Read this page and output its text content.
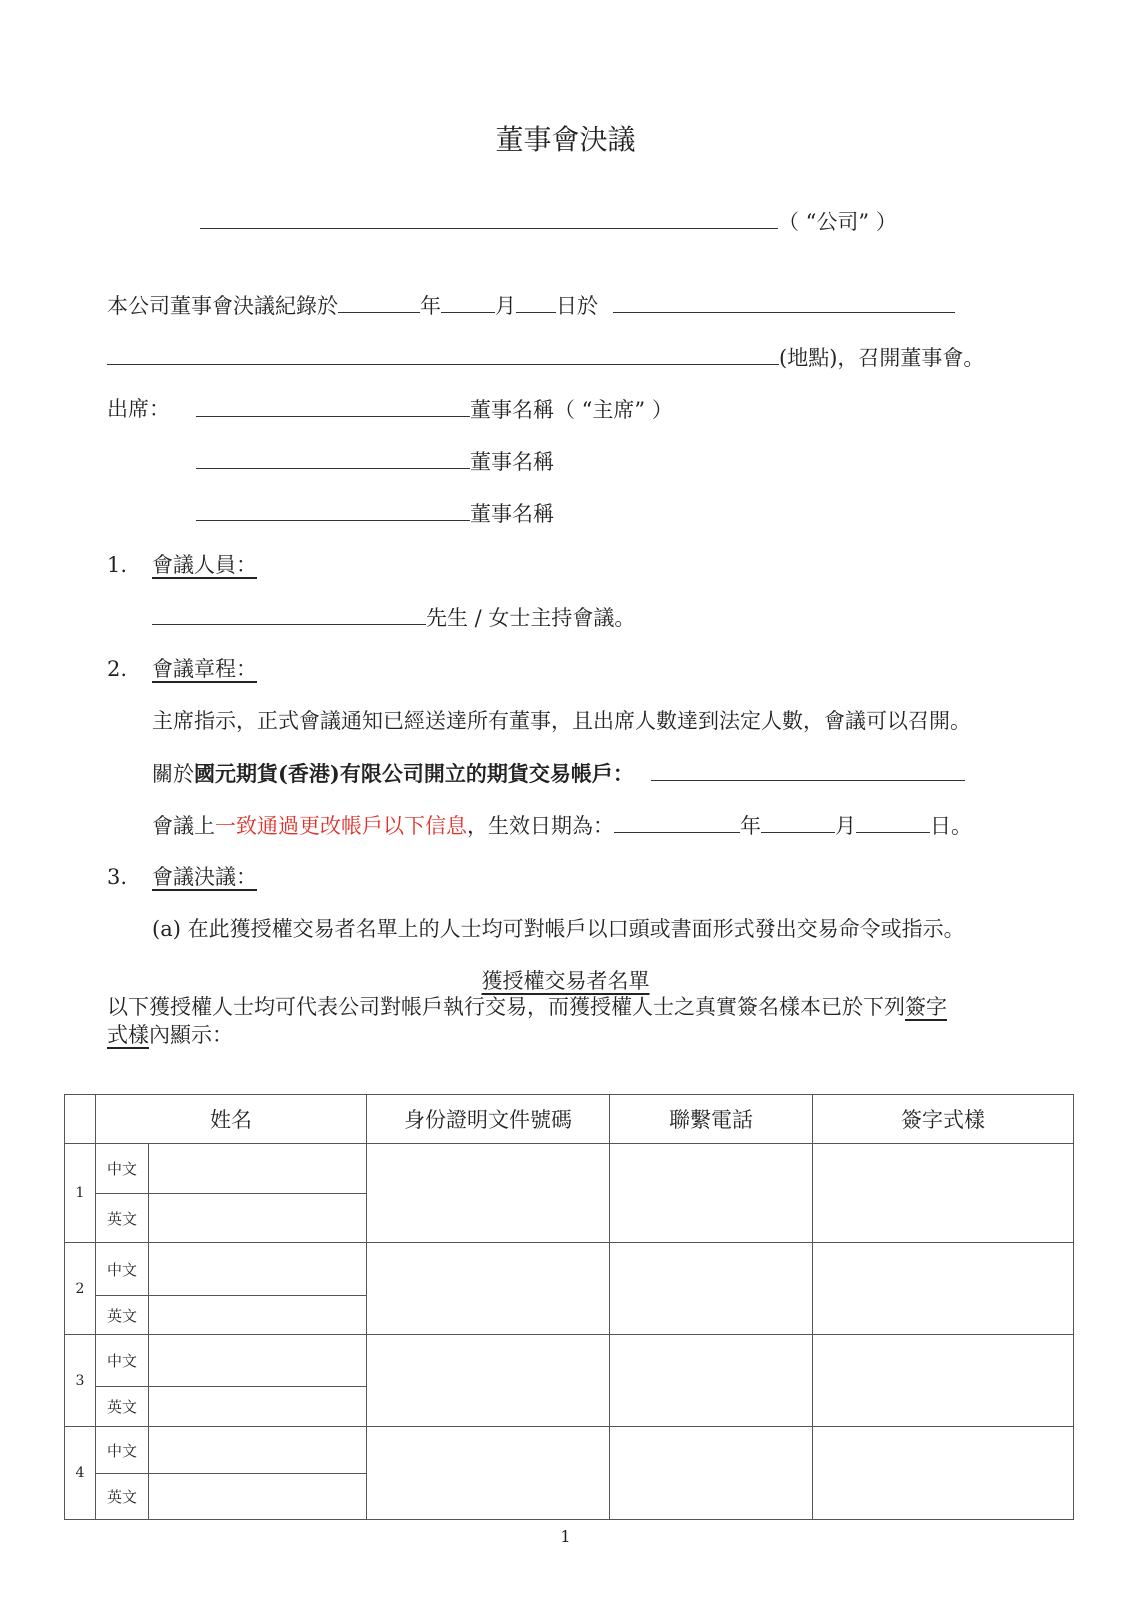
董事會決議
（ “公司” ）
本公司董事會決議紀錄於	年	月 日於
(地點)，召開董事會。
出席：	董事名稱（ “主席” ）
董事名稱
董事名稱
1. 會議人員：
先生 / 女士主持會議。
2. 會議章程：
主席指示，正式會議通知已經送達所有董事，且出席人數達到法定人數，會議可以召開。
關於國元期貨(香港)有限公司開立的期貨交易帳戶：
會議上一致通過更改帳戶以下信息，生效日期為：	年	月	日。
3. 會議決議：
(a) 在此獲授權交易者名單上的人士均可對帳戶以口頭或書面形式發出交易命令或指示。
獲授權交易者名單
以下獲授權人士均可代表公司對帳戶執行交易，而獲授權人士之真實簽名樣本已於下列簽字
式樣內顯示：
	姓名		身份證明文件號碼	聯繫電話	簽字式樣
1	中文				
	英文				
2	中文				
	英文				
3	中文				
	英文				
4	中文				
	英文				
1
